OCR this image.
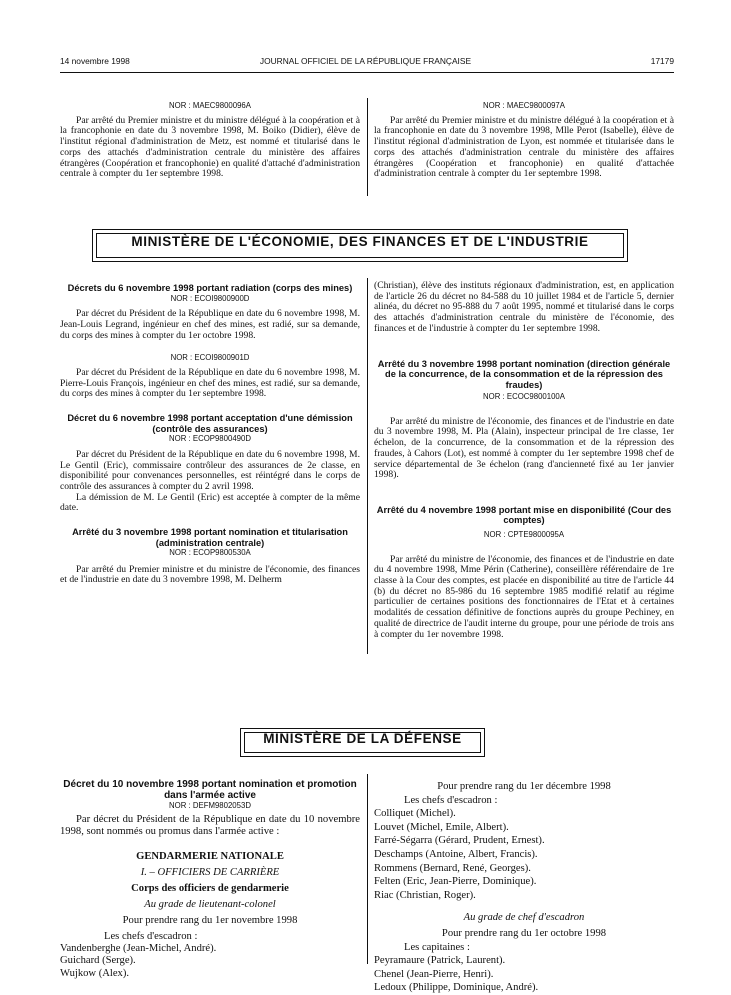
14 novembre 1998	JOURNAL OFFICIEL DE LA RÉPUBLIQUE FRANÇAISE	17179

NOR : MAEC9800096A

Par arrêté du Premier ministre et du ministre délégué à la coopération et à la francophonie en date du 3 novembre 1998, M. Boiko (Didier), élève de l'institut régional d'administration de Metz, est nommé et titularisé dans le corps des attachés d'administration centrale du ministère des affaires étrangères (Coopération et francophonie) en qualité d'attaché d'administration centrale à compter du 1er septembre 1998.

NOR : MAEC9800097A

Par arrêté du Premier ministre et du ministre délégué à la coopération et à la francophonie en date du 3 novembre 1998, Mlle Perot (Isabelle), élève de l'institut régional d'administration de Lyon, est nommée et titularisée dans le corps des attachés d'administration centrale du ministère des affaires étrangères (Coopération et francophonie) en qualité d'attachée d'administration centrale à compter du 1er septembre 1998.

MINISTÈRE DE L'ÉCONOMIE, DES FINANCES ET DE L'INDUSTRIE

Décrets du 6 novembre 1998 portant radiation (corps des mines)

NOR : ECOI9800900D

Par décret du Président de la République en date du 6 novembre 1998, M. Jean-Louis Legrand, ingénieur en chef des mines, est radié, sur sa demande, du corps des mines à compter du 1er octobre 1998.

NOR : ECOI9800901D

Par décret du Président de la République en date du 6 novembre 1998, M. Pierre-Louis François, ingénieur en chef des mines, est radié, sur sa demande, du corps des mines à compter du 1er septembre 1998.

Décret du 6 novembre 1998 portant acceptation d'une démission (contrôle des assurances)

NOR : ECOP9800490D

Par décret du Président de la République en date du 6 novembre 1998, M. Le Gentil (Eric), commissaire contrôleur des assurances de 2e classe, en disponibilité pour convenances personnelles, est réintégré dans le corps de contrôle des assurances à compter du 2 avril 1998.

La démission de M. Le Gentil (Eric) est acceptée à compter de la même date.

Arrêté du 3 novembre 1998 portant nomination et titularisation (administration centrale)

NOR : ECOP9800530A

Par arrêté du Premier ministre et du ministre de l'économie, des finances et de l'industrie en date du 3 novembre 1998, M. Delherm

(Christian), élève des instituts régionaux d'administration, est, en application de l'article 26 du décret no 84-588 du 10 juillet 1984 et de l'article 5, dernier alinéa, du décret no 95-888 du 7 août 1995, nommé et titularisé dans le corps des attachés d'administration centrale du ministère de l'économie, des finances et de l'industrie à compter du 1er septembre 1998.

Arrêté du 3 novembre 1998 portant nomination (direction générale de la concurrence, de la consommation et de la répression des fraudes)

NOR : ECOC9800100A

Par arrêté du ministre de l'économie, des finances et de l'industrie en date du 3 novembre 1998, M. Pla (Alain), inspecteur principal de 1re classe, 1er échelon, de la concurrence, de la consommation et de la répression des fraudes, à Cahors (Lot), est nommé à compter du 1er septembre 1998 chef de service départemental de 3e échelon (rang d'ancienneté fixé au 1er janvier 1998).

Arrêté du 4 novembre 1998 portant mise en disponibilité (Cour des comptes)

NOR : CPTE9800095A

Par arrêté du ministre de l'économie, des finances et de l'industrie en date du 4 novembre 1998, Mme Périn (Catherine), conseillère référendaire de 1re classe à la Cour des comptes, est placée en disponibilité au titre de l'article 44 (b) du décret no 85-986 du 16 septembre 1985 modifié relatif au régime particulier de certaines positions des fonctionnaires de l'Etat et à certaines modalités de cessation définitive de fonctions auprès du groupe Pechiney, en qualité de directrice de l'audit interne du groupe, pour une période de trois ans à compter du 1er novembre 1998.

MINISTÈRE DE LA DÉFENSE

Décret du 10 novembre 1998 portant nomination et promotion dans l'armée active

NOR : DEFM9802053D

Par décret du Président de la République en date du 10 novembre 1998, sont nommés ou promus dans l'armée active :

GENDARMERIE NATIONALE

I. – OFFICIERS DE CARRIÈRE

Corps des officiers de gendarmerie

Au grade de lieutenant-colonel

Pour prendre rang du 1er novembre 1998

Les chefs d'escadron :

Vandenberghe (Jean-Michel, André).

Guichard (Serge).

Wujkow (Alex).

Pour prendre rang du 1er décembre 1998

Les chefs d'escadron :

Colliquet (Michel).

Louvet (Michel, Emile, Albert).

Farré-Ségarra (Gérard, Prudent, Ernest).

Deschamps (Antoine, Albert, Francis).

Rommens (Bernard, René, Georges).

Felten (Eric, Jean-Pierre, Dominique).

Riac (Christian, Roger).

Au grade de chef d'escadron

Pour prendre rang du 1er octobre 1998

Les capitaines :

Peyramaure (Patrick, Laurent).

Chenel (Jean-Pierre, Henri).

Ledoux (Philippe, Dominique, André).
